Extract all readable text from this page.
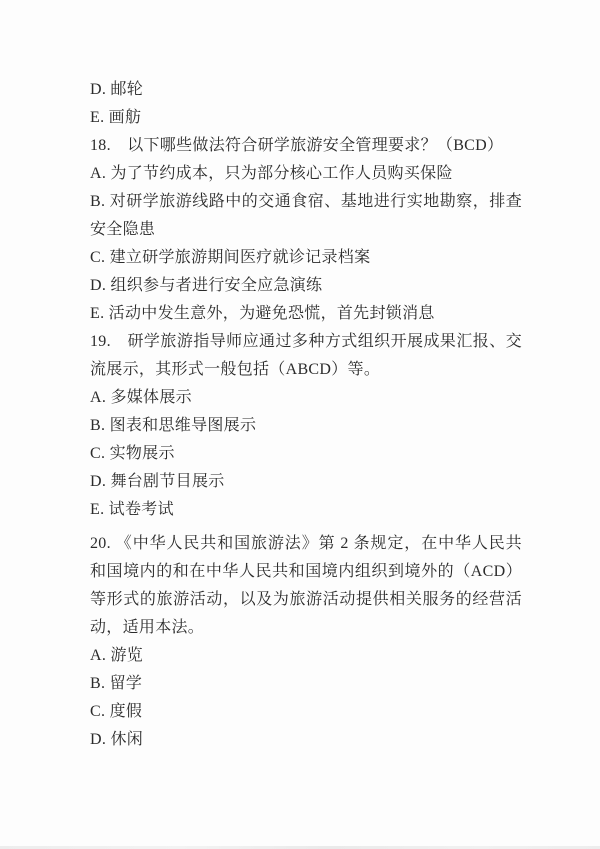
D. 邮轮

E. 画舫

18.　以下哪些做法符合研学旅游安全管理要求？（BCD）

A. 为了节约成本，只为部分核心工作人员购买保险

B. 对研学旅游线路中的交通食宿、基地进行实地勘察，排查

安全隐患

C. 建立研学旅游期间医疗就诊记录档案

D. 组织参与者进行安全应急演练

E. 活动中发生意外，为避免恐慌，首先封锁消息

19.　研学旅游指导师应通过多种方式组织开展成果汇报、交

流展示，其形式一般包括（ABCD）等。

A. 多媒体展示

B. 图表和思维导图展示

C. 实物展示

D. 舞台剧节目展示

E. 试卷考试

20. 《中华人民共和国旅游法》第 2 条规定，在中华人民共

和国境内的和在中华人民共和国境内组织到境外的（ACD）

等形式的旅游活动，以及为旅游活动提供相关服务的经营活

动，适用本法。

A. 游览

B. 留学

C. 度假

D. 休闲
